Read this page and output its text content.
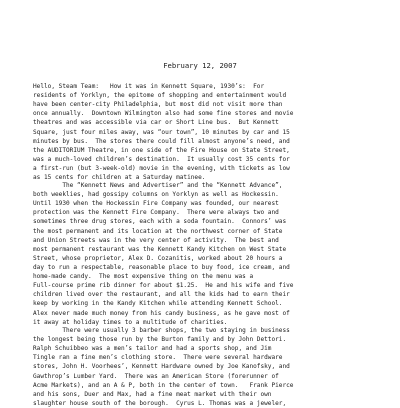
February 12, 2007
Hello, Steam Team:   How it was in Kennett Square, 1930’s:  For
residents of Yorklyn, the epitome of shopping and entertainment would
have been center-city Philadelphia, but most did not visit more than
once annually.  Downtown Wilmington also had some fine stores and movie
theatres and was accessible via car or Short Line bus.  But Kennett
Square, just four miles away, was “our town”, 10 minutes by car and 15
minutes by bus.  The stores there could fill almost anyone’s need, and
the AUDITORIUM Theatre, in one side of the Fire House on State Street,
was a much-loved children’s destination.  It usually cost 35 cents for
a first-run (but 3-week-old) movie in the evening, with tickets as low
as 15 cents for children at a Saturday matinee.
The “Kennett News and Advertiser” and the “Kennett Advance”,
both weeklies, had gossipy columns on Yorklyn as well as Hockessin.
Until 1930 when the Hockessin Fire Company was founded, our nearest
protection was the Kennett Fire Company.  There were always two and
sometimes three drug stores, each with a soda fountain.  Connors’ was
the most permanent and its location at the northwest corner of State
and Union Streets was in the very center of activity.  The best and
most permanent restaurant was the Kennett Kandy Kitchen on West State
Street, whose proprietor, Alex D. Cozanitis, worked about 20 hours a
day to run a respectable, reasonable place to buy food, ice cream, and
home-made candy.  The most expensive thing on the menu was a
Full-course prime rib dinner for about $1.25.  He and his wife and five
children lived over the restaurant, and all the kids had to earn their
keep by working in the Kandy Kitchen while attending Kennett School.
Alex never made much money from his candy business, as he gave most of
it away at holiday times to a multitude of charities.
There were usually 3 barber shops, the two staying in business
the longest being those run by the Burton family and by John Dettori.
Ralph Schuibbeo was a men’s tailor and had a sports shop, and Jim
Tingle ran a fine men’s clothing store.  There were several hardware
stores, John H. Voorhees’, Kennett Hardware owned by Joe Kanofsky, and
Gawthrop’s Lumber Yard.  There was an American Store (forerunner of
Acme Markets), and an A & P, both in the center of town.   Frank Pierce
and his sons, Duer and Max, had a fine meat market with their own
slaughter house south of the borough.  Cyrus L. Thomas was a jeweler,
